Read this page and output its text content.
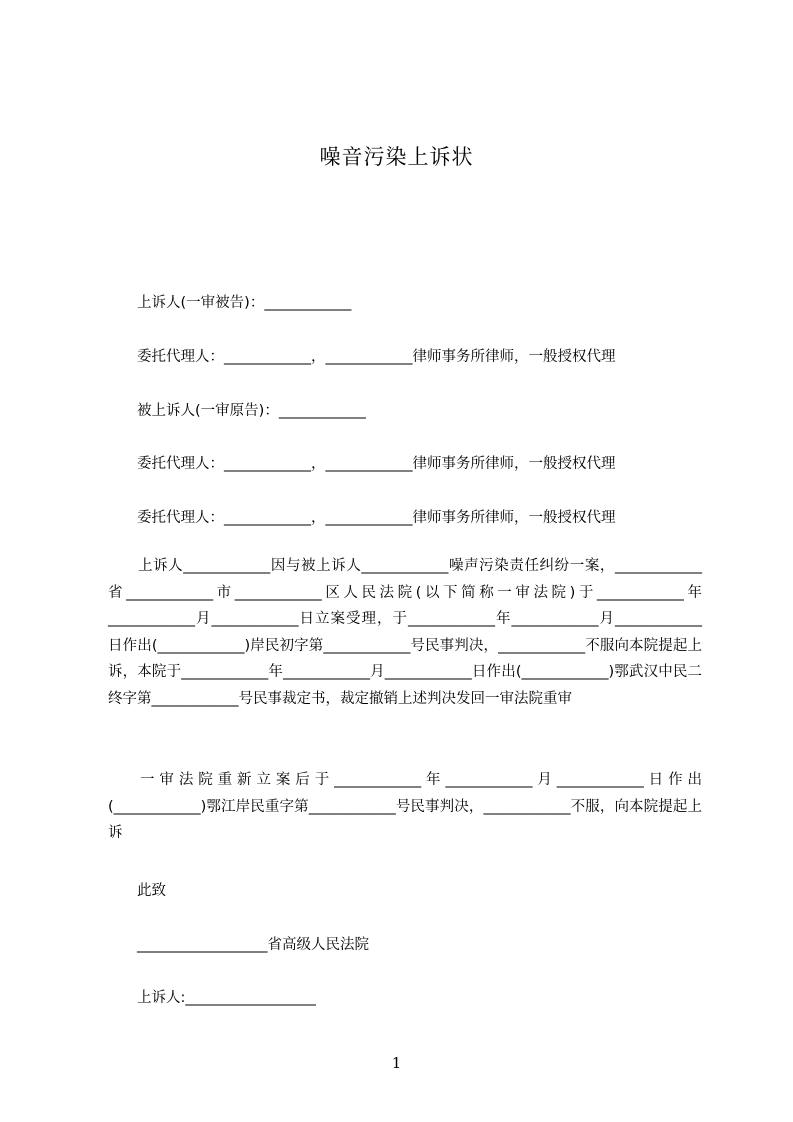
噪音污染上诉状
上诉人(一审被告)：____________
委托代理人：____________，____________律师事务所律师，一般授权代理
被上诉人(一审原告)：____________
委托代理人：____________，____________律师事务所律师，一般授权代理
委托代理人：____________，____________律师事务所律师，一般授权代理
上诉人____________因与被上诉人____________噪声污染责任纠纷一案，____________省____________市____________区人民法院(以下简称一审法院)于____________年____________月____________日立案受理，于____________年____________月____________日作出(____________)岸民初字第____________号民事判决，____________不服向本院提起上诉，本院于____________年____________月____________日作出(____________)鄂武汉中民二终字第____________号民事裁定书，裁定撤销上述判决发回一审法院重审
一审法院重新立案后于____________年____________月____________日作出(____________)鄂江岸民重字第____________号民事判决，____________不服，向本院提起上诉
此致
__________________省高级人民法院
上诉人:__________________
1
